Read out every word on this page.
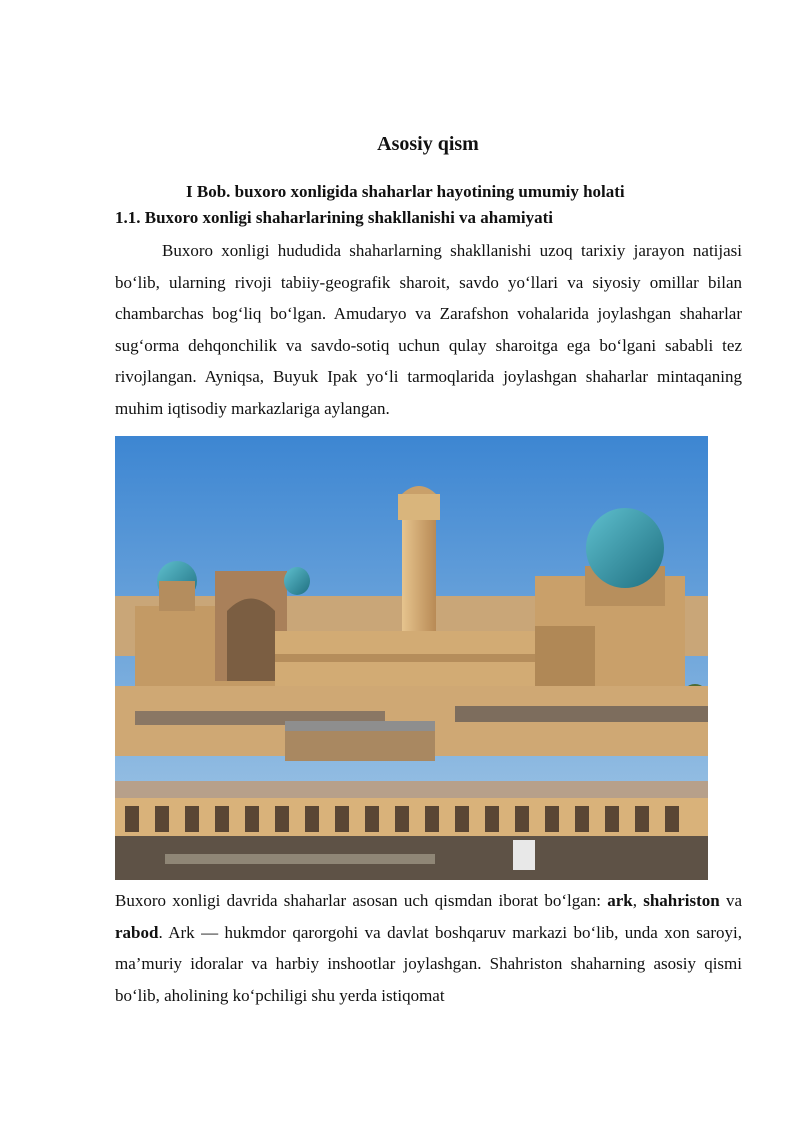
Asosiy qism
I Bob. buxoro xonligida shaharlar hayotining umumiy holati
1.1. Buxoro xonligi shaharlarining shakllanishi va ahamiyati

Buxoro xonligi hududida shaharlarning shakllanishi uzoq tarixiy jarayon natijasi bo‘lib, ularning rivoji tabiiy-geografik sharoit, savdo yo‘llari va siyosiy omillar bilan chambarchas bog‘liq bo‘lgan. Amudaryo va Zarafshon vohalarida joylashgan shaharlar sug‘orma dehqonchilik va savdo-sotiq uchun qulay sharoitga ega bo‘lgani sababli tez rivojlangan. Ayniqsa, Buyuk Ipak yo‘li tarmoqlarida joylashgan shaharlar mintaqaning muhim iqtisodiy markazlariga aylangan.

Buxoro xonligi davrida shaharlar asosan uch qismdan iborat bo‘lgan: ark, shahriston va rabod. Ark — hukmdor qarorgohi va davlat boshqaruv markazi bo‘lib, unda xon saroyi, ma’muriy idoralar va harbiy inshootlar joylashgan. Shahriston shaharning asosiy qismi bo‘lib, aholining ko‘pchiligi shu yerda istiqomat
